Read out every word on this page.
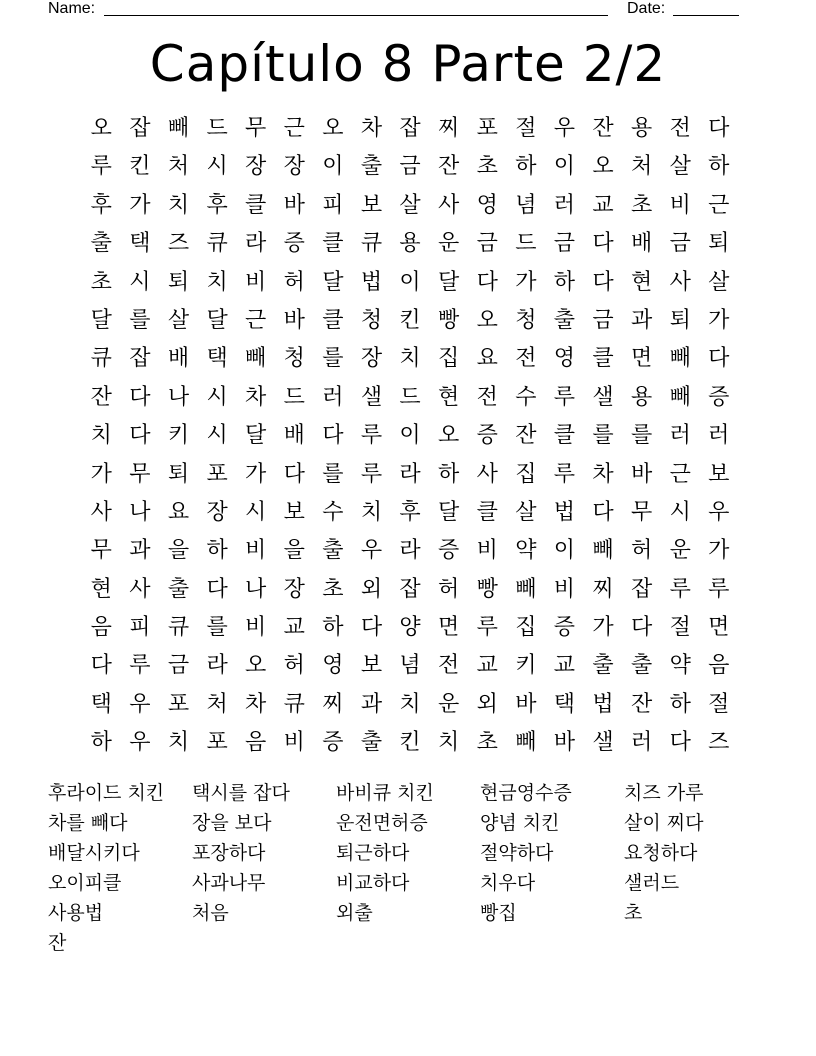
Name:	Date:
Capítulo 8 Parte 2/2
오 잡 빼 드 무 근 오 차 잡 찌 포 절 우 잔 용 전 다
루 킨 처 시 장 장 이 출 금 잔 초 하 이 오 처 살 하
후 가 치 후 클 바 피 보 살 사 영 념 러 교 초 비 근
출 택 즈 큐 라 증 클 큐 용 운 금 드 금 다 배 금 퇴
초 시 퇴 치 비 허 달 법 이 달 다 가 하 다 현 사 살
달 를 살 달 근 바 클 청 킨 빵 오 청 출 금 과 퇴 가
큐 잡 배 택 빼 청 를 장 치 집 요 전 영 클 면 빼 다
잔 다 나 시 차 드 러 샐 드 현 전 수 루 샐 용 빼 증
치 다 키 시 달 배 다 루 이 오 증 잔 클 를 를 러 러
가 무 퇴 포 가 다 를 루 라 하 사 집 루 차 바 근 보
사 나 요 장 시 보 수 치 후 달 클 살 법 다 무 시 우
무 과 을 하 비 을 출 우 라 증 비 약 이 빼 허 운 가
현 사 출 다 나 장 초 외 잡 허 빵 빼 비 찌 잡 루 루
음 피 큐 를 비 교 하 다 양 면 루 집 증 가 다 절 면
다 루 금 라 오 허 영 보 념 전 교 키 교 출 출 약 음
택 우 포 처 차 큐 찌 과 치 운 외 바 택 법 잔 하 절
하 우 치 포 음 비 증 출 킨 치 초 빼 바 샐 러 다 즈
후라이드 치킨	택시를 잡다	바비큐 치킨	현금영수증	치즈 가루
차를 빼다	장을 보다	운전면허증	양념 치킨	살이 찌다
배달시키다	포장하다	퇴근하다	절약하다	요청하다
오이피클	사과나무	비교하다	치우다	샐러드
사용법	처음	외출	빵집	초
잔
